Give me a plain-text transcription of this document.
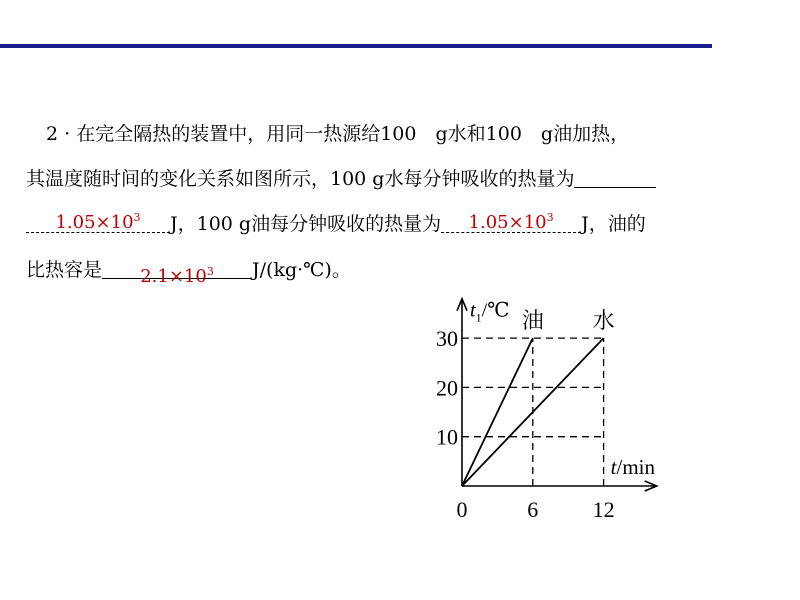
2 · 在完全隔热的装置中，用同一热源给100　g水和100　g油加热，
其温度随时间的变化关系如图所示，100 g水每分钟吸收的热量为
$1.05\times 10^3$	J，100 g油每分钟吸收的热量为	$1.05\times 10^3$	J，油的
比热容是	$2.1\times 10^3$	J/(kg·℃)。
油 水
10
20
30
6 12
0
$t_1/℃$
t/min
